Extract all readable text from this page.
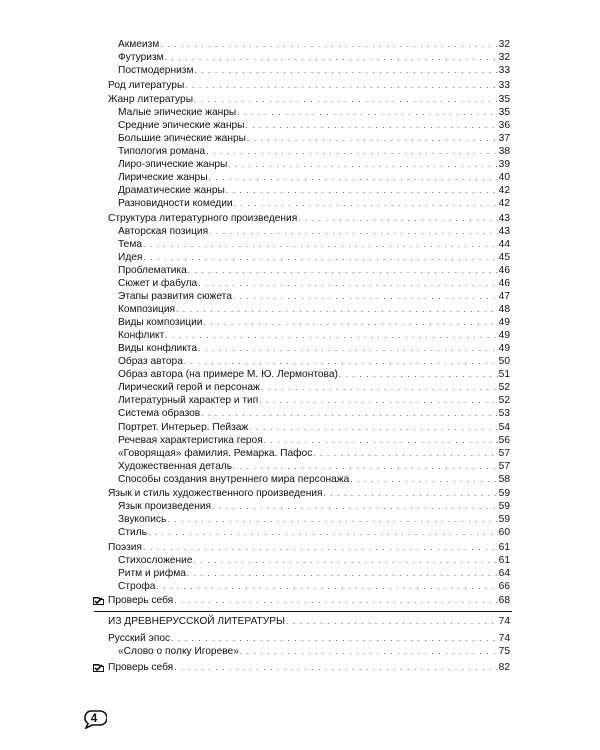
Акмеизм . . .	32
Футуризм . . .	32
Постмодернизм . . .	33
Род литературы . . .	33
Жанр литературы . . .	35
Малые эпические жанры . . .	35
Средние эпические жанры . . .	36
Большие эпические жанры . . .	37
Типология романа . . .	38
Лиро-эпические жанры . . .	39
Лирические жанры . . .	40
Драматические жанры . . .	42
Разновидности комедии . . .	42
Структура литературного произведения . . .	43
Авторская позиция . . .	43
Тема . . .	44
Идея . . .	45
Проблематика . . .	46
Сюжет и фабула . . .	46
Этапы развития сюжета . . .	47
Композиция . . .	48
Виды композиции . . .	49
Конфликт . . .	49
Виды конфликта . . .	49
Образ автора . . .	50
Образ автора (на примере М. Ю. Лермонтова) . . .	51
Лирический герой и персонаж . . .	52
Литературный характер и тип . . .	52
Система образов . . .	53
Портрет. Интерьер. Пейзаж . . .	54
Речевая характеристика героя . . .	56
«Говорящая» фамилия. Ремарка. Пафос . . .	57
Художественная деталь . . .	57
Способы создания внутреннего мира персонажа . . .	58
Язык и стиль художественного произведения . . .	59
Язык произведения . . .	59
Звукопись . . .	59
Стиль . . .	60
Поэзия . . .	61
Стихосложение . . .	61
Ритм и рифма . . .	64
Строфа . . .	66
Проверь себя . . .	68
ИЗ ДРЕВНЕРУССКОЙ ЛИТЕРАТУРЫ . . .	74
Русский эпос . . .	74
«Слово о полку Игореве» . . .	75
Проверь себя . . .	82
4
